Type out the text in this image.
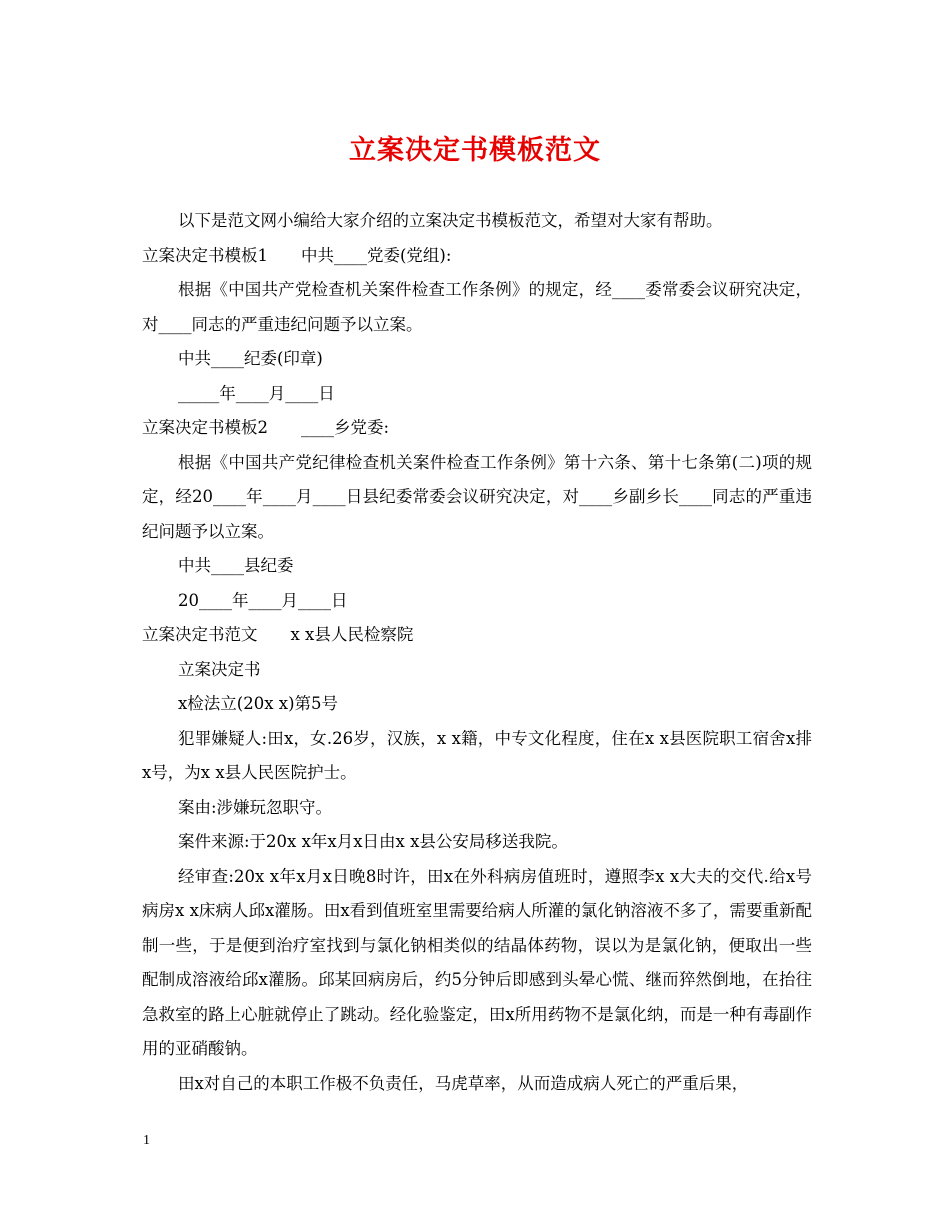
立案决定书模板范文

以下是范文网小编给大家介绍的立案决定书模板范文，希望对大家有帮助。

立案决定书模板1　　中共____党委(党组):

根据《中国共产党检查机关案件检查工作条例》的规定，经____委常委会议研究决定，对____同志的严重违纪问题予以立案。

中共____纪委(印章)

_____年____月____日

立案决定书模板2　　____乡党委:

根据《中国共产党纪律检查机关案件检查工作条例》第十六条、第十七条第(二)项的规定，经20____年____月____日县纪委常委会议研究决定，对____乡副乡长____同志的严重违纪问题予以立案。

中共____县纪委

20____年____月____日

立案决定书范文　　x x县人民检察院

立案决定书

x检法立(20x x)第5号

犯罪嫌疑人:田x，女.26岁，汉族，x x籍，中专文化程度，住在x x县医院职工宿舍x排x号，为x x县人民医院护士。

案由:涉嫌玩忽职守。

案件来源:于20x x年x月x日由x x县公安局移送我院。

经审查:20x x年x月x日晚8时许，田x在外科病房值班时，遵照李x x大夫的交代.给x号病房x x床病人邱x灌肠。田x看到值班室里需要给病人所灌的氯化钠溶液不多了，需要重新配制一些，于是便到治疗室找到与氯化钠相类似的结晶体药物，误以为是氯化钠，便取出一些配制成溶液给邱x灌肠。邱某回病房后，约5分钟后即感到头晕心慌、继而猝然倒地，在抬往急救室的路上心脏就停止了跳动。经化验鉴定，田x所用药物不是氯化纳，而是一种有毒副作用的亚硝酸钠。

田x对自己的本职工作极不负责任，马虎草率，从而造成病人死亡的严重后果，

1
